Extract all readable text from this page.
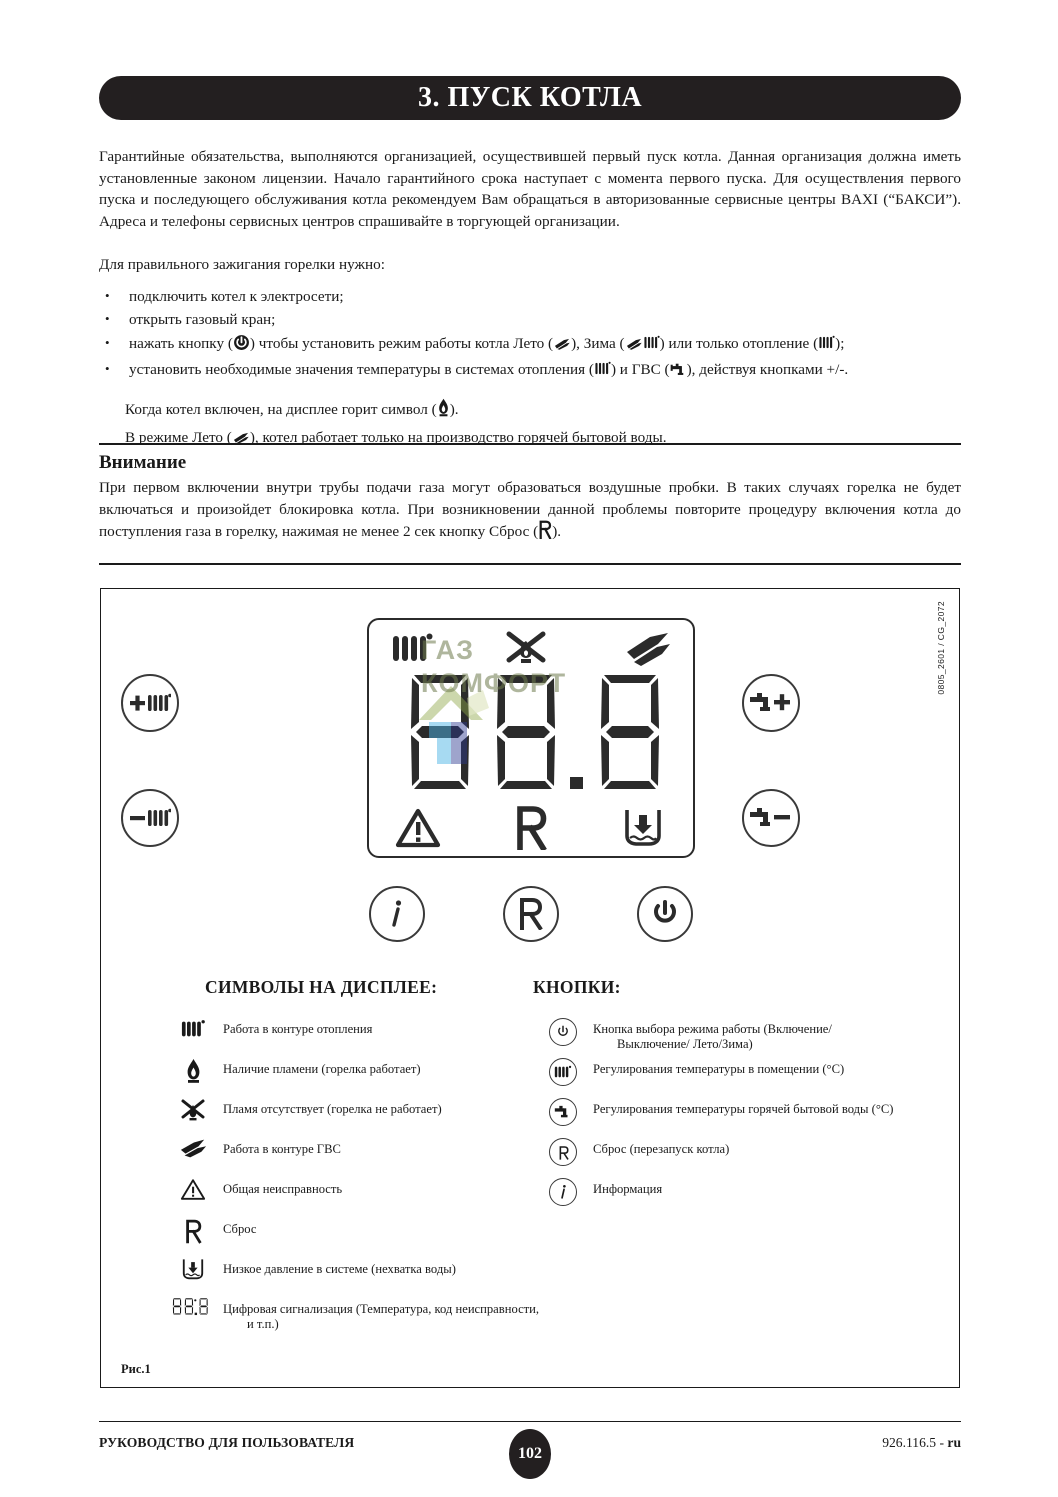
3. ПУСК КОТЛА

Гарантийные обязательства, выполняются организацией, осуществившей первый пуск котла. Данная организация должна иметь установленные законом лицензии. Начало гарантийного срока наступает с момента первого пуска. Для осуществления первого пуска и последующего обслуживания котла рекомендуем Вам обращаться в авторизованные сервисные центры BAXI (“БАКСИ”). Адреса и телефоны сервисных центров спрашивайте в торгующей организации.

Для правильного зажигания горелки нужно:

• подключить котел к электросети;
• открыть газовый кран;
• нажать кнопку ( ) чтобы установить режим работы котла Лето ( ), Зима ( ) или только отопление ( );
• установить необходимые значения температуры в системах отопления ( ) и ГВС ( ), действуя кнопками +/-.
Когда котел включен, на дисплее горит символ ( ).
В режиме Лето ( ), котел работает только на производство горячей бытовой воды.
Внимание

При первом включении внутри трубы подачи газа могут образоваться воздушные пробки. В таких случаях горелка не будет включаться и произойдет блокировка котла. При возникновении данной проблемы повторите процедуру включения котла до поступления газа в горелку, нажимая не менее 2 сек кнопку Сброс ( ).

0805_2601 / CG_2072
Рис.1
ГАЗ
КОМФОРТ
СИМВОЛЫ НА ДИСПЛЕЕ:
Работа в контуре отопления
Наличие пламени (горелка работает)
Пламя отсутствует (горелка не работает)
Работа в контуре ГВС
Общая неисправность
Сброс
Низкое давление в системе (нехватка воды)
Цифровая сигнализация (Температура, код неисправности,
и т.п.)
КНОПКИ:
Кнопка выбора режима работы (Включение/
Выключение/ Лето/Зима)
Регулирования температуры в помещении (°C)
Регулирования температуры горячей бытовой воды (°C)
Сброс (перезапуск котла)
Информация
РУКОВОДСТВО ДЛЯ ПОЛЬЗОВАТЕЛЯ
102
926.116.5 - ru
